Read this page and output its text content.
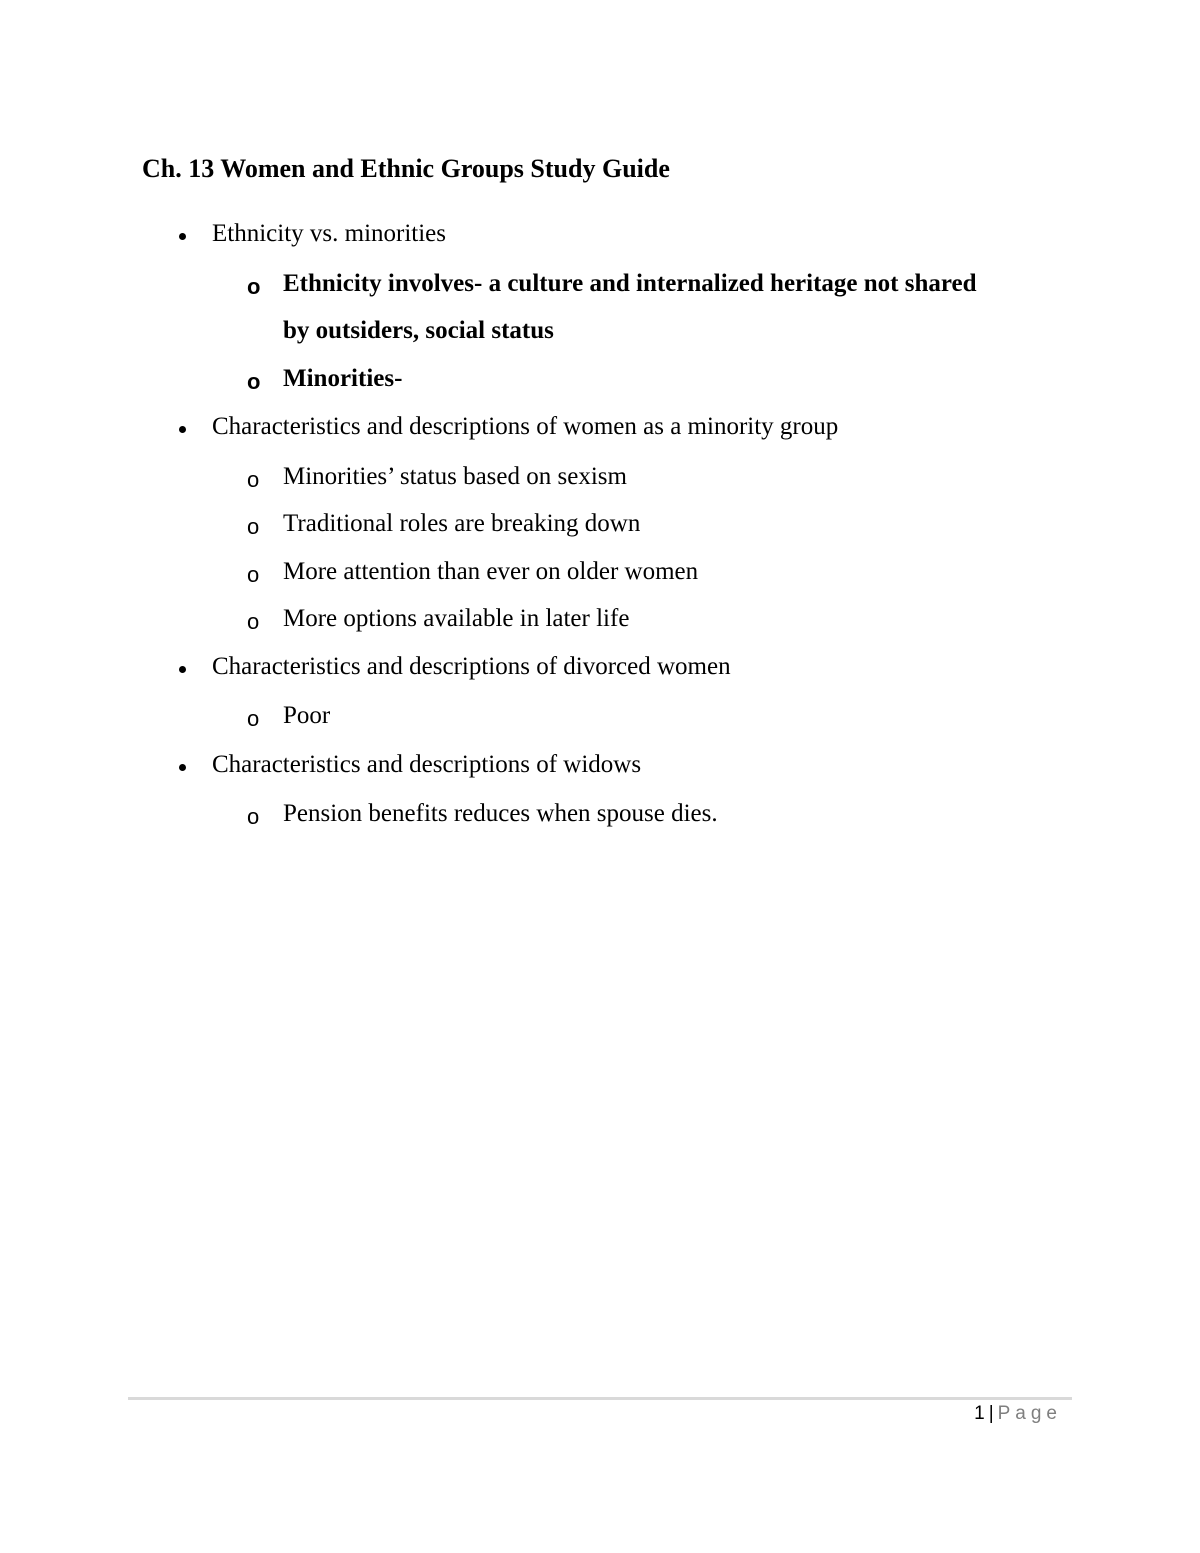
Ch. 13 Women and Ethnic Groups Study Guide
Ethnicity vs. minorities
o Ethnicity involves- a culture and internalized heritage not shared
by outsiders, social status
o Minorities-
Characteristics and descriptions of women as a minority group
o Minorities’ status based on sexism
o Traditional roles are breaking down
o More attention than ever on older women
o More options available in later life
Characteristics and descriptions of divorced women
o Poor
Characteristics and descriptions of widows
o Pension benefits reduces when spouse dies.
1 | Page
